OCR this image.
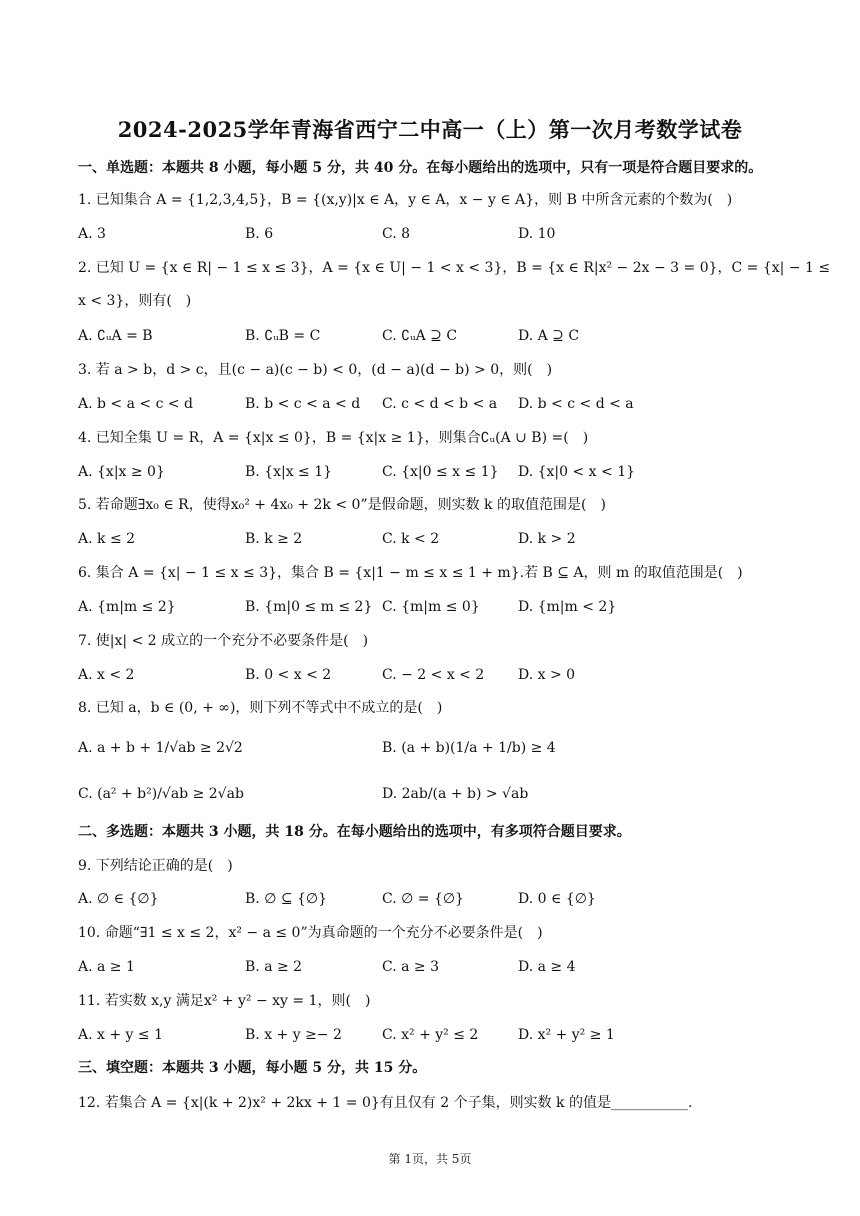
2024-2025学年青海省西宁二中高一（上）第一次月考数学试卷
一、单选题：本题共 8 小题，每小题 5 分，共 40 分。在每小题给出的选项中，只有一项是符合题目要求的。
1. 已知集合 A = {1,2,3,4,5}，B = {(x,y)|x ∈ A，y ∈ A，x − y ∈ A}，则 B 中所含元素的个数为(　)
A. 3	B. 6	C. 8	D. 10
2. 已知 U = {x ∈ R| − 1 ≤ x ≤ 3}，A = {x ∈ U| − 1 < x < 3}，B = {x ∈ R|x² − 2x − 3 = 0}，C = {x| − 1 ≤
x < 3}，则有(　)
A. ∁ᵤA = B	B. ∁ᵤB = C	C. ∁ᵤA ⊇ C	D. A ⊇ C
3. 若 a > b，d > c，且(c − a)(c − b) < 0，(d − a)(d − b) > 0，则(　)
A. b < a < c < d	B. b < c < a < d C. c < d < b < a D. b < c < d < a
4. 已知全集 U = R，A = {x|x ≤ 0}，B = {x|x ≥ 1}，则集合∁ᵤ(A ∪ B) =(　)
A. {x|x ≥ 0}	B. {x|x ≤ 1}	C. {x|0 ≤ x ≤ 1} D. {x|0 < x < 1}
5. 若命题∃x₀ ∈ R，使得x₀² + 4x₀ + 2k < 0”是假命题，则实数 k 的取值范围是(　)
A. k ≤ 2	B. k ≥ 2	C. k < 2	D. k > 2
6. 集合 A = {x| − 1 ≤ x ≤ 3}，集合 B = {x|1 − m ≤ x ≤ 1 + m}.若 B ⊆ A，则 m 的取值范围是(　)
A. {m|m ≤ 2}	B. {m|0 ≤ m ≤ 2} C. {m|m ≤ 0}	D. {m|m < 2}
7. 使|x| < 2 成立的一个充分不必要条件是(　)
A. x < 2	B. 0 < x < 2	C. − 2 < x < 2 D. x > 0
8. 已知 a，b ∈ (0, + ∞)，则下列不等式中不成立的是(　)
A. a + b + 1/√ab ≥ 2√2	B. (a + b)(1/a + 1/b) ≥ 4
C. (a² + b²)/√ab ≥ 2√ab	D. 2ab/(a + b) > √ab
二、多选题：本题共 3 小题，共 18 分。在每小题给出的选项中，有多项符合题目要求。
9. 下列结论正确的是(　)
A. ∅ ∈ {∅}	B. ∅ ⊆ {∅}	C. ∅ = {∅}	D. 0 ∈ {∅}
10. 命题“∃1 ≤ x ≤ 2，x² − a ≤ 0”为真命题的一个充分不必要条件是(　)
A. a ≥ 1	B. a ≥ 2	C. a ≥ 3	D. a ≥ 4
11. 若实数 x,y 满足x² + y² − xy = 1，则(　)
A. x + y ≤ 1	B. x + y ≥− 2	C. x² + y² ≤ 2	D. x² + y² ≥ 1
三、填空题：本题共 3 小题，每小题 5 分，共 15 分。
12. 若集合 A = {x|(k + 2)x² + 2kx + 1 = 0}有且仅有 2 个子集，则实数 k 的值是___________.
第 1页，共 5页
